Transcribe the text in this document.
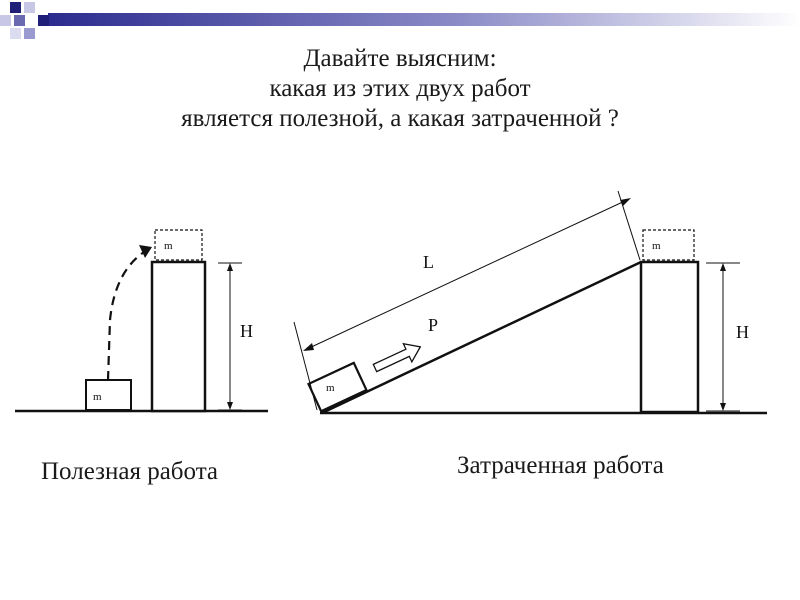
Давайте выясним:
какая из этих двух работ
является полезной, а какая затраченной ?
m
m
H
m
m
L
P	H
Полезная работа	Затраченная работа
